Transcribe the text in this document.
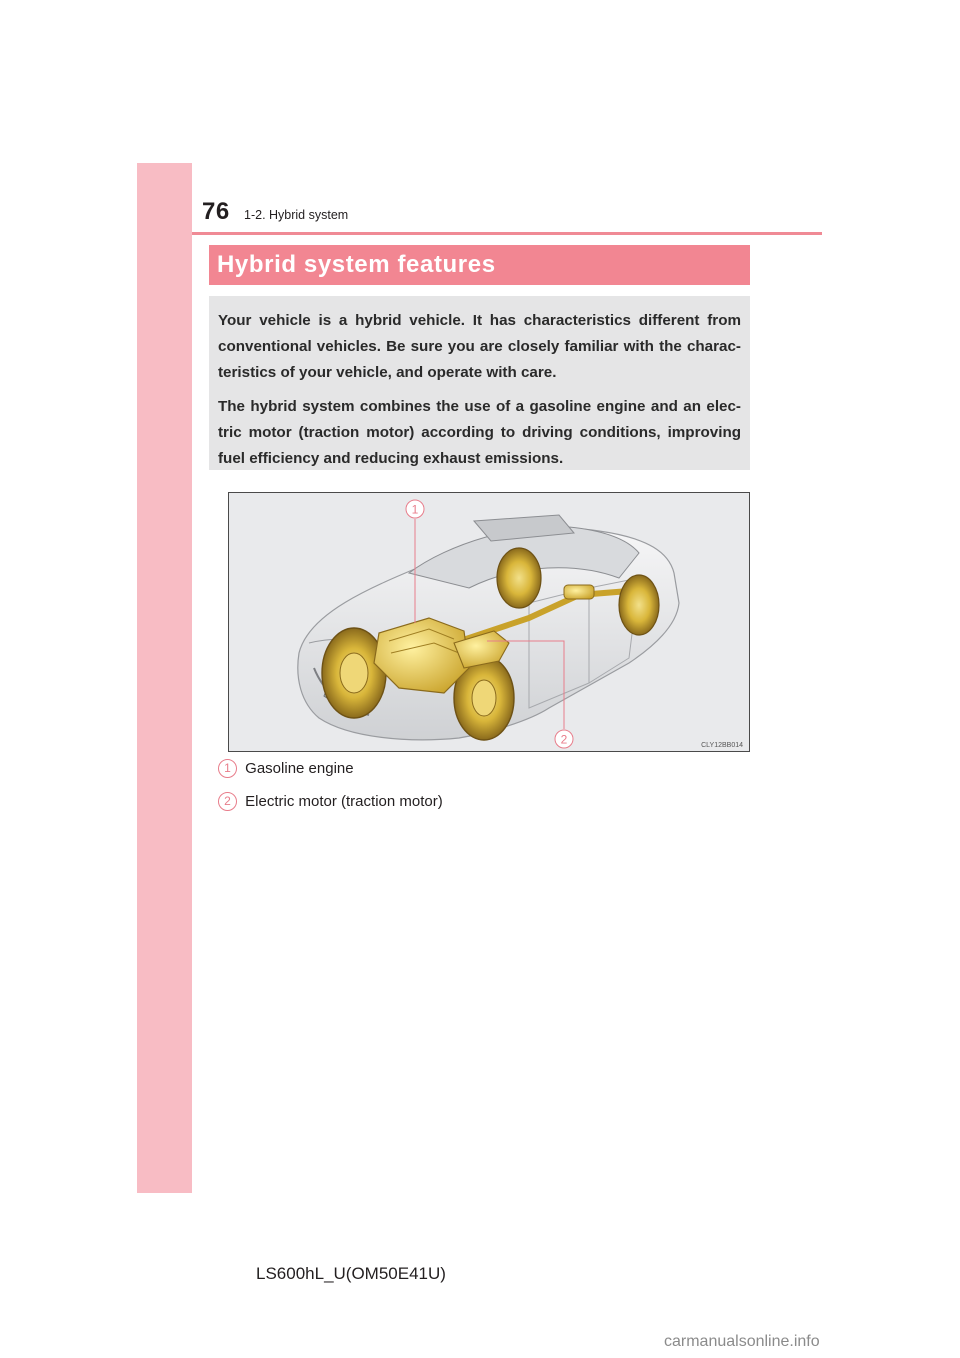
76 1-2. Hybrid system
Hybrid system features

Your vehicle is a hybrid vehicle. It has characteristics different from conventional vehicles. Be sure you are closely familiar with the charac-teristics of your vehicle, and operate with care.

The hybrid system combines the use of a gasoline engine and an elec-tric motor (traction motor) according to driving conditions, improving fuel efficiency and reducing exhaust emissions.

1
2	CLY12BB014
1 Gasoline engine
2 Electric motor (traction motor)
LS600hL_U(OM50E41U)
carmanualsonline.info
